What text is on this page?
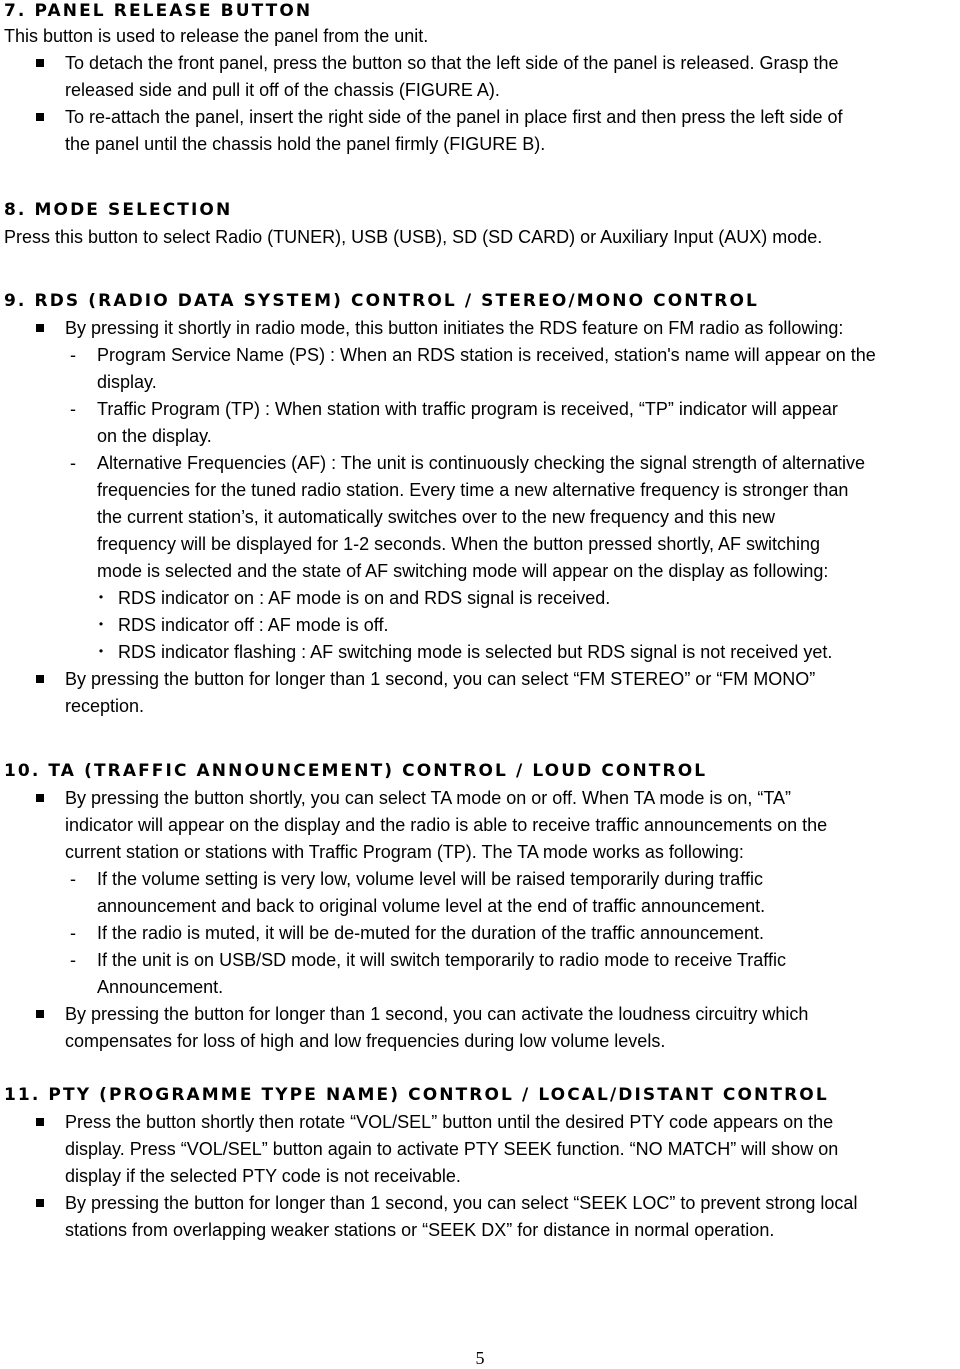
7. PANEL RELEASE BUTTON
This button is used to release the panel from the unit.
To detach the front panel, press the button so that the left side of the panel is released. Grasp the
released side and pull it off of the chassis (FIGURE A).
To re-attach the panel, insert the right side of the panel in place first and then press the left side of
the panel until the chassis hold the panel firmly (FIGURE B).
8. MODE SELECTION
Press this button to select Radio (TUNER), USB (USB), SD (SD CARD) or Auxiliary Input (AUX) mode.
9. RDS (RADIO DATA SYSTEM) CONTROL / STEREO/MONO CONTROL
By pressing it shortly in radio mode, this button initiates the RDS feature on FM radio as following:
- Program Service Name (PS) : When an RDS station is received, station's name will appear on the
display.
- Traffic Program (TP) : When station with traffic program is received, “TP” indicator will appear
on the display.
- Alternative Frequencies (AF) : The unit is continuously checking the signal strength of alternative
frequencies for the tuned radio station. Every time a new alternative frequency is stronger than
the current station’s, it automatically switches over to the new frequency and this new
frequency will be displayed for 1-2 seconds. When the button pressed shortly, AF switching
mode is selected and the state of AF switching mode will appear on the display as following:
・ RDS indicator on : AF mode is on and RDS signal is received.
・ RDS indicator off : AF mode is off.
・ RDS indicator flashing : AF switching mode is selected but RDS signal is not received yet.
By pressing the button for longer than 1 second, you can select “FM STEREO” or “FM MONO”
reception.
10. TA (TRAFFIC ANNOUNCEMENT) CONTROL / LOUD CONTROL
By pressing the button shortly, you can select TA mode on or off. When TA mode is on, “TA”
indicator will appear on the display and the radio is able to receive traffic announcements on the
current station or stations with Traffic Program (TP). The TA mode works as following:
- If the volume setting is very low, volume level will be raised temporarily during traffic
announcement and back to original volume level at the end of traffic announcement.
- If the radio is muted, it will be de-muted for the duration of the traffic announcement.
- If the unit is on USB/SD mode, it will switch temporarily to radio mode to receive Traffic
Announcement.
By pressing the button for longer than 1 second, you can activate the loudness circuitry which
compensates for loss of high and low frequencies during low volume levels.
11. PTY (PROGRAMME TYPE NAME) CONTROL / LOCAL/DISTANT CONTROL
Press the button shortly then rotate “VOL/SEL” button until the desired PTY code appears on the
display. Press “VOL/SEL” button again to activate PTY SEEK function. “NO MATCH” will show on
display if the selected PTY code is not receivable.
By pressing the button for longer than 1 second, you can select “SEEK LOC” to prevent strong local
stations from overlapping weaker stations or “SEEK DX” for distance in normal operation.
5
